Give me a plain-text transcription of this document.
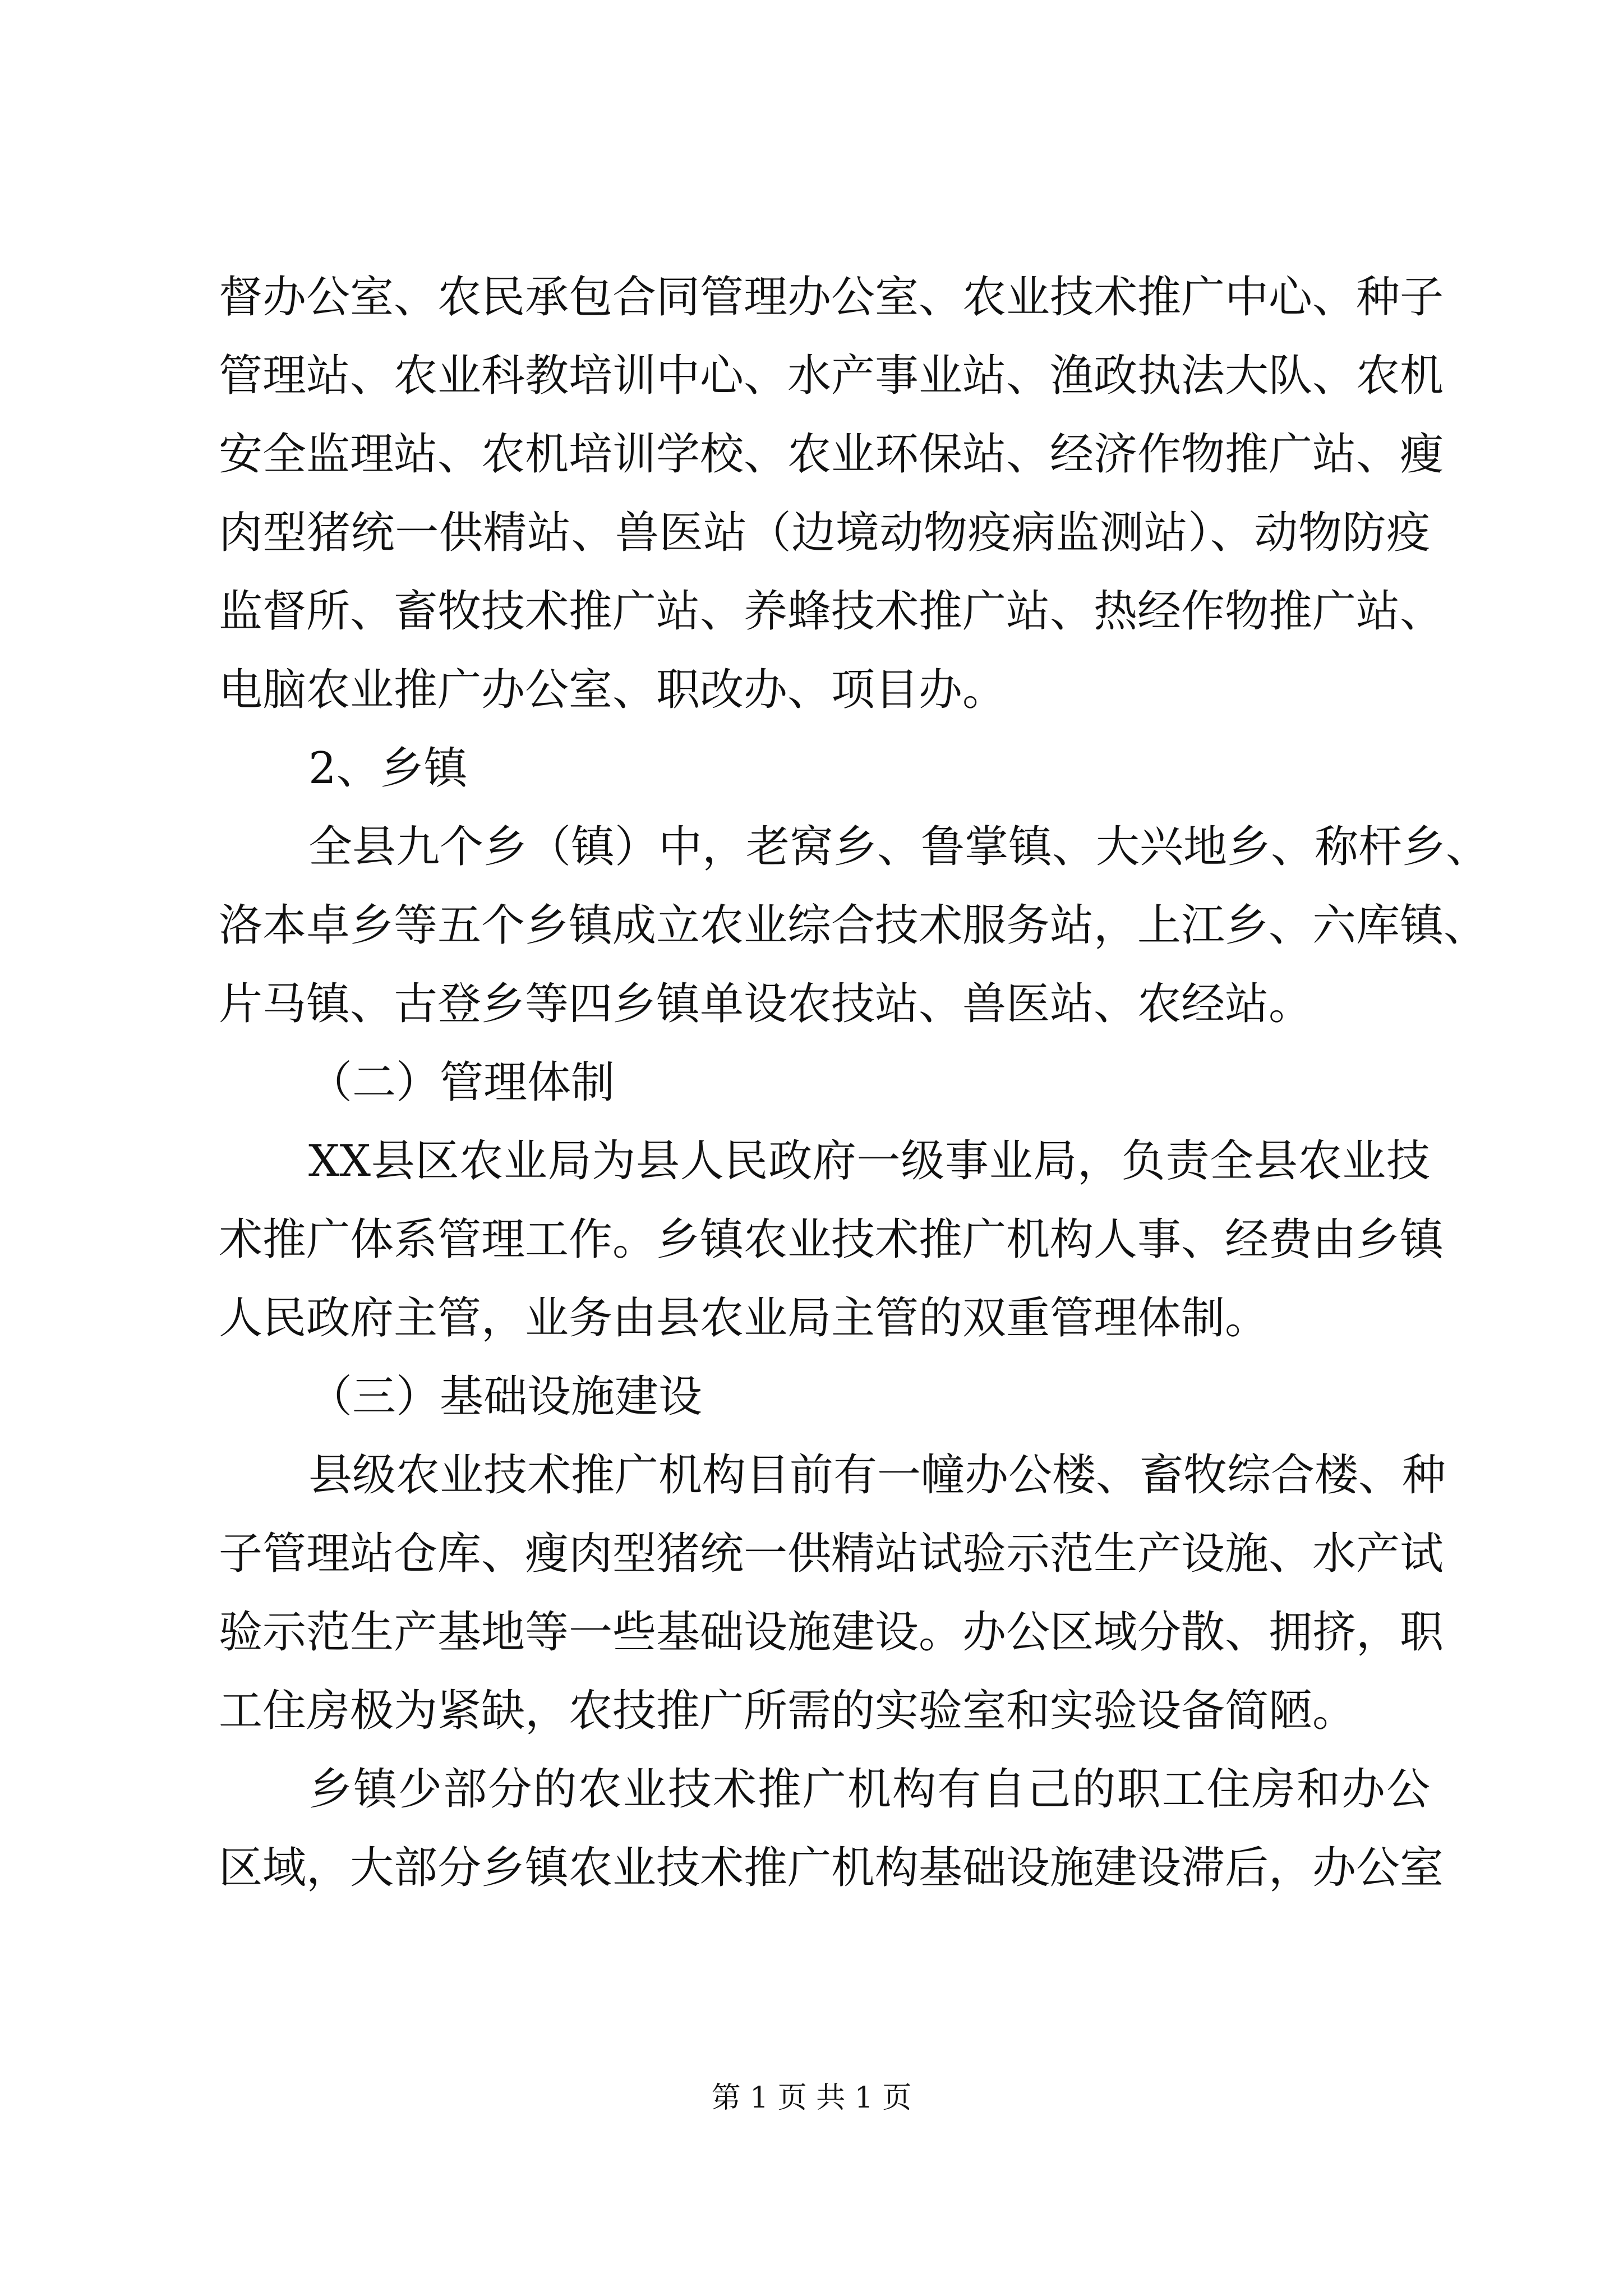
督办公室、农民承包合同管理办公室、农业技术推广中心、种子
管理站、农业科教培训中心、水产事业站、渔政执法大队、农机
安全监理站、农机培训学校、农业环保站、经济作物推广站、瘦
肉型猪统一供精站、兽医站（边境动物疫病监测站）、动物防疫
监督所、畜牧技术推广站、养蜂技术推广站、热经作物推广站、
电脑农业推广办公室、职改办、项目办。
2、乡镇
全县九个乡（镇）中，老窝乡、鲁掌镇、大兴地乡、称杆乡、
洛本卓乡等五个乡镇成立农业综合技术服务站，上江乡、六库镇、
片马镇、古登乡等四乡镇单设农技站、兽医站、农经站。
（二）管理体制
XX县区农业局为县人民政府一级事业局，负责全县农业技
术推广体系管理工作。乡镇农业技术推广机构人事、经费由乡镇
人民政府主管，业务由县农业局主管的双重管理体制。
（三）基础设施建设
县级农业技术推广机构目前有一幢办公楼、畜牧综合楼、种
子管理站仓库、瘦肉型猪统一供精站试验示范生产设施、水产试
验示范生产基地等一些基础设施建设。办公区域分散、拥挤，职
工住房极为紧缺，农技推广所需的实验室和实验设备简陋。
乡镇少部分的农业技术推广机构有自己的职工住房和办公
区域，大部分乡镇农业技术推广机构基础设施建设滞后，办公室
第 1 页 共 1 页
